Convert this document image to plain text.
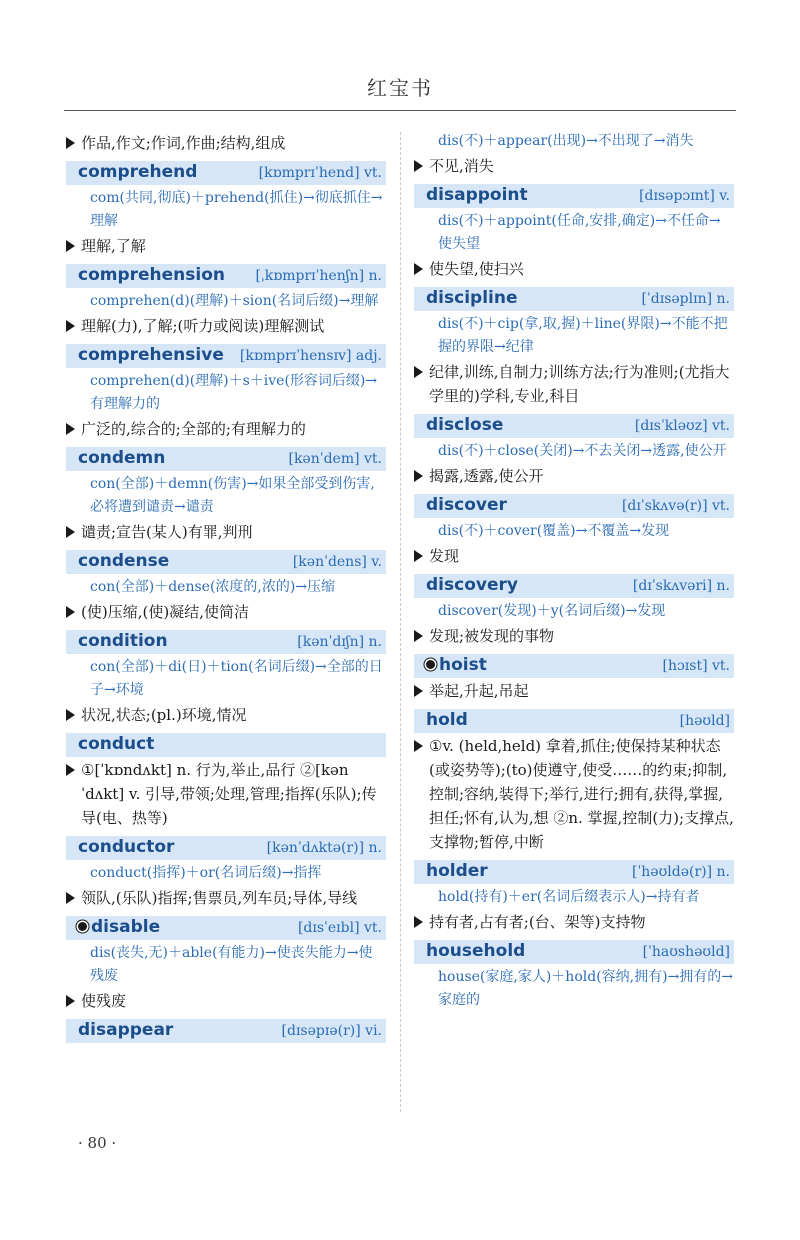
红宝书
作品,作文;作词,作曲;结构,组成
comprehend	[kɒmprɪˈhend] vt.
com(共同,彻底)＋prehend(抓住)→彻底抓住→理解
理解,了解
comprehension [ˌkɒmprɪˈhenʃn] n.
comprehen(d)(理解)＋sion(名词后缀)→理解
理解(力),了解;(听力或阅读)理解测试
comprehensive [kɒmprɪˈhensɪv] adj.
comprehen(d)(理解)＋s＋ive(形容词后缀)→有理解力的
广泛的,综合的;全部的;有理解力的
condemn	[kənˈdem] vt.
con(全部)＋demn(伤害)→如果全部受到伤害,必将遭到谴责→谴责
谴责;宣告(某人)有罪,判刑
condense	[kənˈdens] v.
con(全部)＋dense(浓度的,浓的)→压缩
(使)压缩,(使)凝结,使简洁
condition	[kənˈdɪʃn] n.
con(全部)＋di(日)＋tion(名词后缀)→全部的日子→环境
状况,状态;(pl.)环境,情况
conduct
①[ˈkɒndʌkt] n. 行为,举止,品行 ②[kənˈdʌkt] v. 引导,带领;处理,管理;指挥(乐队);传导(电、热等)
conductor	[kənˈdʌktə(r)] n.
conduct(指挥)＋or(名词后缀)→指挥
领队,(乐队)指挥;售票员,列车员;导体,导线
disable	[dɪsˈeɪbl] vt.
dis(丧失,无)＋able(有能力)→使丧失能力→使残废
使残废
disappear	[dɪsəpɪə(r)] vi.
dis(不)＋appear(出现)→不出现了→消失
不见,消失
disappoint	[dɪsəpɔɪnt] v.
dis(不)＋appoint(任命,安排,确定)→不任命→使失望
使失望,使扫兴
discipline	[ˈdɪsəplɪn] n.
dis(不)＋cip(拿,取,握)＋line(界限)→不能不把握的界限→纪律
纪律,训练,自制力;训练方法;行为准则;(尤指大学里的)学科,专业,科目
disclose	[dɪsˈkləʊz] vt.
dis(不)＋close(关闭)→不去关闭→透露,使公开
揭露,透露,使公开
discover	[dɪˈskʌvə(r)] vt.
dis(不)＋cover(覆盖)→不覆盖→发现
发现
discovery	[dɪˈskʌvəri] n.
discover(发现)＋y(名词后缀)→发现
发现;被发现的事物
hoist	[hɔɪst] vt.
举起,升起,吊起
hold	[həʊld]
①v. (held,held) 拿着,抓住;使保持某种状态(或姿势等);(to)使遵守,使受……的约束;抑制,控制;容纳,装得下;举行,进行;拥有,获得,掌握,担任;怀有,认为,想 ②n. 掌握,控制(力);支撑点,支撑物;暂停,中断
holder	[ˈhəʊldə(r)] n.
hold(持有)＋er(名词后缀表示人)→持有者
持有者,占有者;(台、架等)支持物
household	[ˈhaʊshəʊld]
house(家庭,家人)＋hold(容纳,拥有)→拥有的→家庭的
· 80 ·
